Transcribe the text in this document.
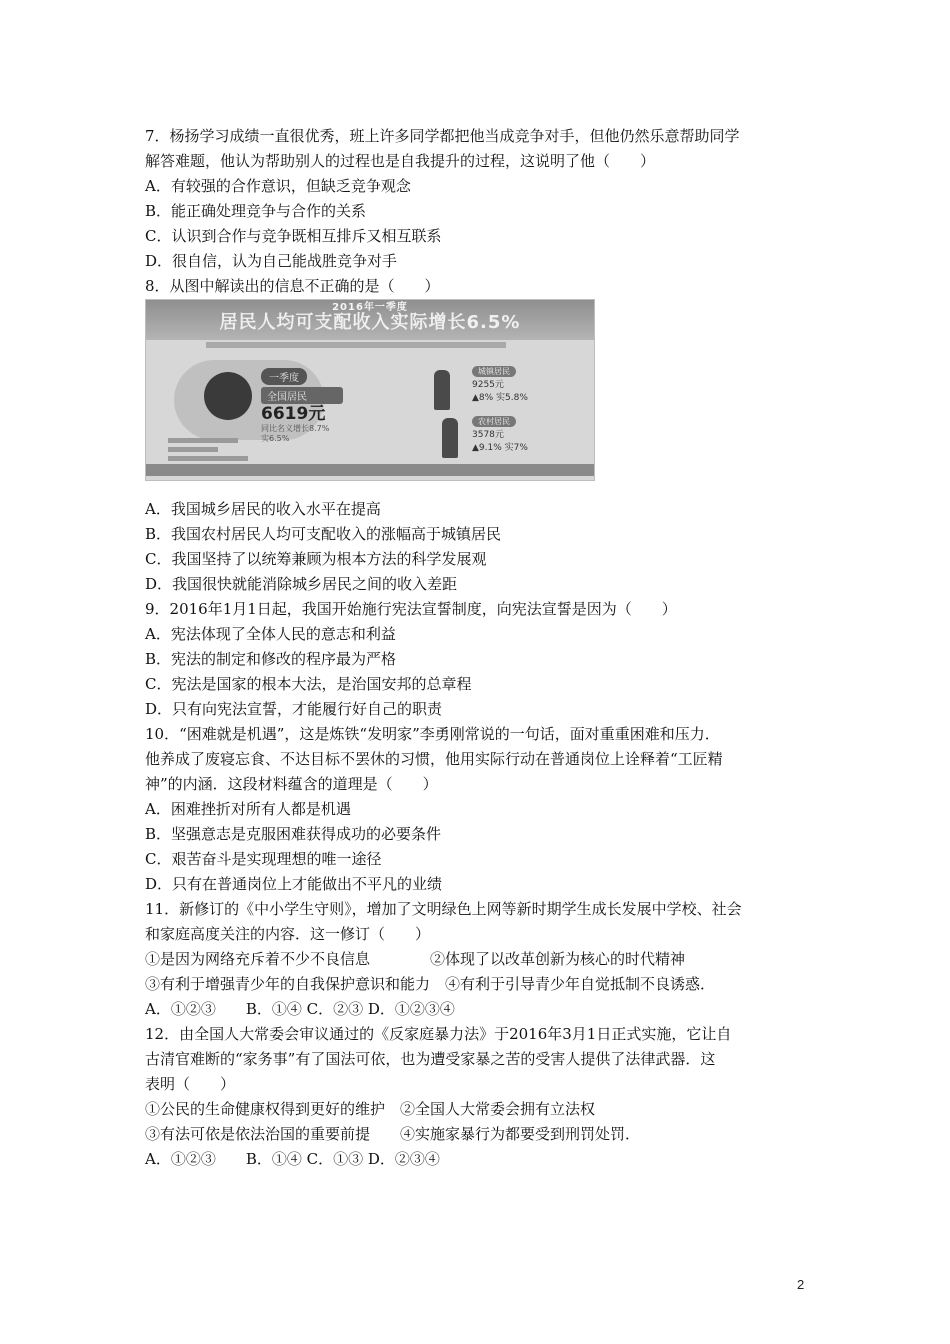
7．杨扬学习成绩一直很优秀，班上许多同学都把他当成竞争对手，但他仍然乐意帮助同学
解答难题，他认为帮助别人的过程也是自我提升的过程，这说明了他（　　）
A．有较强的合作意识，但缺乏竞争观念
B．能正确处理竞争与合作的关系
C．认识到合作与竞争既相互排斥又相互联系
D．很自信，认为自己能战胜竞争对手
8．从图中解读出的信息不正确的是（　　）
2016年一季度
居民人均可支配收入实际增长6.5%
一季度
全国居民
6619元
同比名义增长8.7%
实6.5%
城镇居民
9255元
▲8% 实5.8%
农村居民
3578元
▲9.1% 实7%
A．我国城乡居民的收入水平在提高
B．我国农村居民人均可支配收入的涨幅高于城镇居民
C．我国坚持了以统筹兼顾为根本方法的科学发展观
D．我国很快就能消除城乡居民之间的收入差距
9．2016年1月1日起，我国开始施行宪法宣誓制度，向宪法宣誓是因为（　　）
A．宪法体现了全体人民的意志和利益
B．宪法的制定和修改的程序最为严格
C．宪法是国家的根本大法，是治国安邦的总章程
D．只有向宪法宣誓，才能履行好自己的职责
10．“困难就是机遇”，这是炼铁“发明家”李勇刚常说的一句话，面对重重困难和压力．
他养成了废寝忘食、不达目标不罢休的习惯，他用实际行动在普通岗位上诠释着“工匠精
神”的内涵．这段材料蕴含的道理是（　　）
A．困难挫折对所有人都是机遇
B．坚强意志是克服困难获得成功的必要条件
C．艰苦奋斗是实现理想的唯一途径
D．只有在普通岗位上才能做出不平凡的业绩
11．新修订的《中小学生守则》，增加了文明绿色上网等新时期学生成长发展中学校、社会
和家庭高度关注的内容．这一修订（　　）
①是因为网络充斥着不少不良信息　　　　②体现了以改革创新为核心的时代精神
③有利于增强青少年的自我保护意识和能力　④有利于引导青少年自觉抵制不良诱惑．
A．①②③　　B．①④ C．②③ D．①②③④
12．由全国人大常委会审议通过的《反家庭暴力法》于2016年3月1日正式实施，它让自
古清官难断的“家务事”有了国法可依，也为遭受家暴之苦的受害人提供了法律武器．这
表明（　　）
①公民的生命健康权得到更好的维护　②全国人大常委会拥有立法权
③有法可依是依法治国的重要前提　　④实施家暴行为都要受到刑罚处罚．
A．①②③　　B．①④ C．①③ D．②③④
2
